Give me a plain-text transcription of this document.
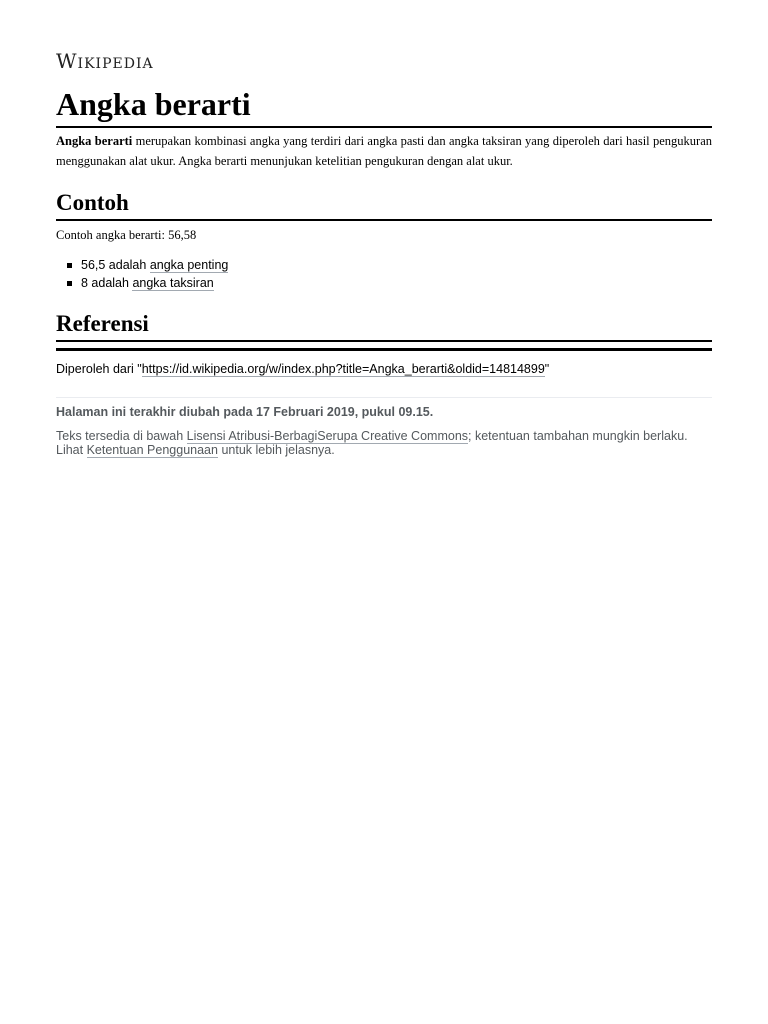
Wikipedia
Angka berarti

Angka berarti merupakan kombinasi angka yang terdiri dari angka pasti dan angka taksiran yang diperoleh dari hasil pengukuran menggunakan alat ukur. Angka berarti menunjukan ketelitian pengukuran dengan alat ukur.

Contoh
Contoh angka berarti: 56,58
56,5 adalah angka penting
8 adalah angka taksiran
Referensi
Diperoleh dari "https://id.wikipedia.org/w/index.php?title=Angka_berarti&oldid=14814899"
Halaman ini terakhir diubah pada 17 Februari 2019, pukul 09.15.
Teks tersedia di bawah Lisensi Atribusi-BerbagiSerupa Creative Commons; ketentuan tambahan mungkin berlaku. Lihat Ketentuan Penggunaan untuk lebih jelasnya.
